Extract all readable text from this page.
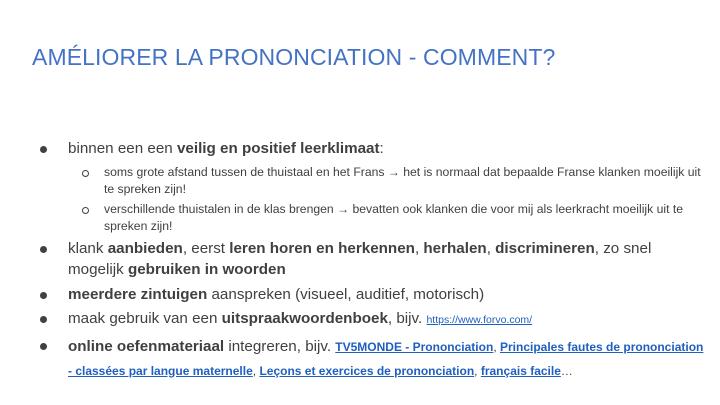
AMÉLIORER LA PRONONCIATION - COMMENT?
binnen een een veilig en positief leerklimaat:
soms grote afstand tussen de thuistaal en het Frans → het is normaal dat bepaalde Franse klanken moeilijk uit te spreken zijn!
verschillende thuistalen in de klas brengen → bevatten ook klanken die voor mij als leerkracht moeilijk uit te spreken zijn!
klank aanbieden, eerst leren horen en herkennen, herhalen, discrimineren, zo snel mogelijk gebruiken in woorden
meerdere zintuigen aanspreken (visueel, auditief, motorisch)
maak gebruik van een uitspraakwoordenboek, bijv. https://www.forvo.com/
online oefenmateriaal integreren, bijv. TV5MONDE - Prononciation, Principales fautes de prononciation - classées par langue maternelle, Leçons et exercices de prononciation, français facile…
